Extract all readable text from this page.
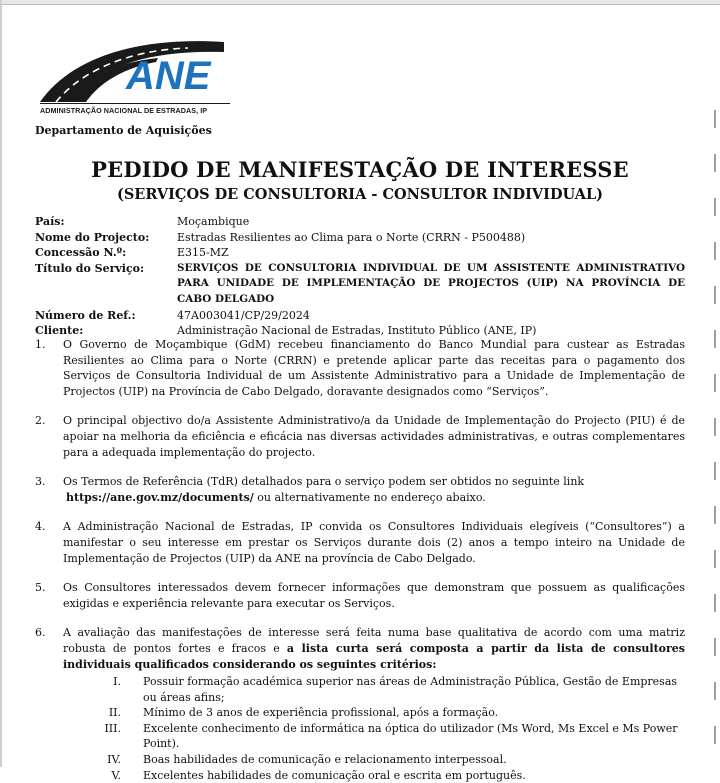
ANE
ADMINISTRAÇÃO NACIONAL DE ESTRADAS, IP
Departamento de Aquisições
PEDIDO DE MANIFESTAÇÃO DE INTERESSE
(SERVIÇOS DE CONSULTORIA - CONSULTOR INDIVIDUAL)
País:	Moçambique
Nome do Projecto:	Estradas Resilientes ao Clima para o Norte (CRRN - P500488)
Concessão N.º:	E315-MZ
Título do Serviço:	SERVIÇOS DE CONSULTORIA INDIVIDUAL DE UM ASSISTENTE ADMINISTRATIVO PARA UNIDADE DE IMPLEMENTAÇÃO DE PROJECTOS (UIP) NA PROVÍNCIA DE CABO DELGADO
Número de Ref.:	47A003041/CP/29/2024
Cliente:	Administração Nacional de Estradas, Instituto Público (ANE, IP)
1. O Governo de Moçambique (GdM) recebeu financiamento do Banco Mundial para custear as Estradas Resilientes ao Clima para o Norte (CRRN) e pretende aplicar parte das receitas para o pagamento dos Serviços de Consultoria Individual de um Assistente Administrativo para a Unidade de Implementação de Projectos (UIP) na Província de Cabo Delgado, doravante designados como “Serviços”.

2. O principal objectivo do/a Assistente Administrativo/a da Unidade de Implementação do Projecto (PIU) é de apoiar na melhoria da eficiência e eficácia nas diversas actividades administrativas, e outras complementares para a adequada implementação do projecto.

3. Os Termos de Referência (TdR) detalhados para o serviço podem ser obtidos no seguinte link
https://ane.gov.mz/documents/ ou alternativamente no endereço abaixo.

4. A Administração Nacional de Estradas, IP convida os Consultores Individuais elegíveis (“Consultores”) a manifestar o seu interesse em prestar os Serviços durante dois (2) anos a tempo inteiro na Unidade de Implementação de Projectos (UIP) da ANE na província de Cabo Delgado.

5. Os Consultores interessados devem fornecer informações que demonstram que possuem as qualificações exigidas e experiência relevante para executar os Serviços.

6. A avaliação das manifestações de interesse será feita numa base qualitativa de acordo com uma matriz robusta de pontos fortes e fracos e a lista curta será composta a partir da lista de consultores individuais qualificados considerando os seguintes critérios:

I.	Possuir formação académica superior nas áreas de Administração Pública, Gestão de Empresas ou áreas afins;
II.	Mínimo de 3 anos de experiência profissional, após a formação.
III.	Excelente conhecimento de informática na óptica do utilizador (Ms Word, Ms Excel e Ms Power Point).
IV.	Boas habilidades de comunicação e relacionamento interpessoal.
V.	Excelentes habilidades de comunicação oral e escrita em português.
